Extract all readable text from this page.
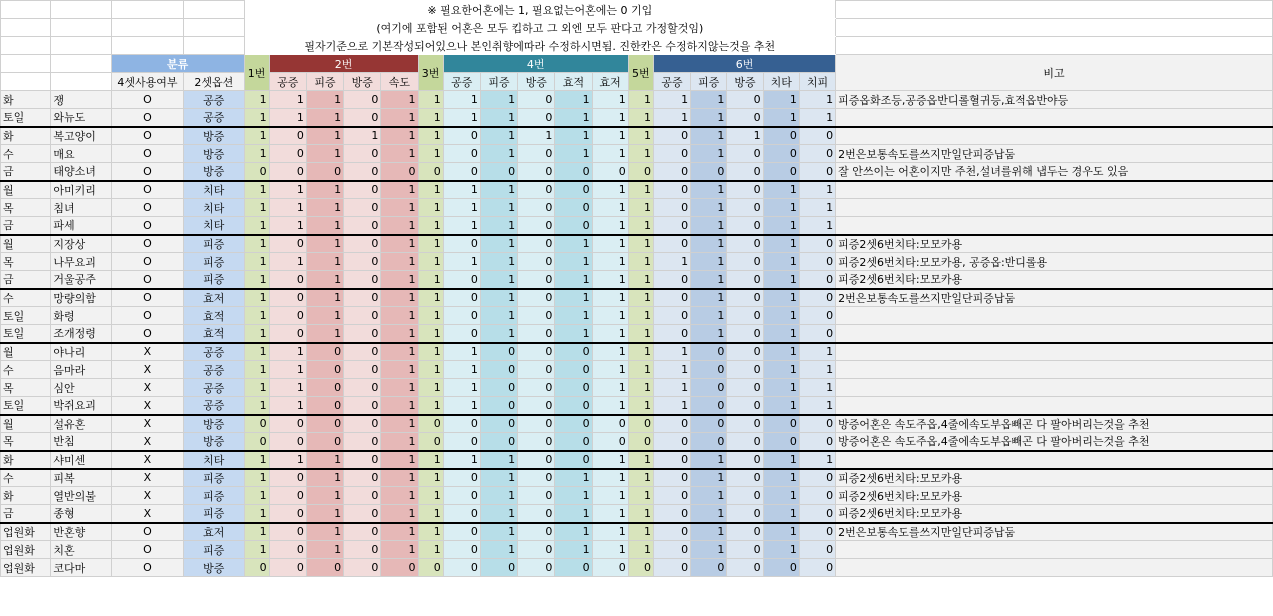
				※ 필요한어혼에는 1, 필요없는어혼에는 0 기입																	
				(여기에 포함된 어혼은 모두 킵하고 그 외엔 모두 판다고 가정할것임)																	
				필자기준으로 기본작성되어있으나 본인취향에따라 수정하시면됨. 진한칸은 수정하지않는것을 추천																	
		분류		1번	2번				3번	4번					5번	6번					비고
		4셋사용여부	2셋옵션		공증	피증	방증	속도		공증	피증	방증	효적	효저		공증	피증	방증	치타	치피	
화	쟁	O	공증	1	1	1	0	1	1	1	1	0	1	1	1	1	1	0	1	1	피증옵화조등,공증옵반디롤혈귀등,효적옵반야등
토일	와뉴도	O	공증	1	1	1	0	1	1	1	1	0	1	1	1	1	1	0	1	1	
화	복고양이	O	방증	1	0	1	1	1	1	0	1	1	1	1	1	0	1	1	0	0	
수	매요	O	방증	1	0	1	0	1	1	0	1	0	1	1	1	0	1	0	0	0	2번은보통속도를쓰지만일단피증납둠
금	태양소녀	O	방증	0	0	0	0	0	0	0	0	0	0	0	0	0	0	0	0	0	잘 안쓰이는 어혼이지만 주천,설녀를위해 냅두는 경우도 있음
월	아미키리	O	치타	1	1	1	0	1	1	1	1	0	0	1	1	0	1	0	1	1	
목	침녀	O	치타	1	1	1	0	1	1	1	1	0	0	1	1	0	1	0	1	1	
금	파세	O	치타	1	1	1	0	1	1	1	1	0	0	1	1	0	1	0	1	1	
월	지장상	O	피증	1	0	1	0	1	1	0	1	0	1	1	1	0	1	0	1	0	피증2셋6번치타:모모카용
목	나무요괴	O	피증	1	1	1	0	1	1	1	1	0	1	1	1	1	1	0	1	0	피증2셋6번치타:모모카용, 공증옵:반디롤용
금	거울공주	O	피증	1	0	1	0	1	1	0	1	0	1	1	1	0	1	0	1	0	피증2셋6번치타:모모카용
수	망량의함	O	효저	1	0	1	0	1	1	0	1	0	1	1	1	0	1	0	1	0	2번은보통속도를쓰지만일단피증납둠
토일	화령	O	효적	1	0	1	0	1	1	0	1	0	1	1	1	0	1	0	1	0	
토일	조개정령	O	효적	1	0	1	0	1	1	0	1	0	1	1	1	0	1	0	1	0	
월	야나리	X	공증	1	1	0	0	1	1	1	0	0	0	1	1	1	0	0	1	1	
수	음마라	X	공증	1	1	0	0	1	1	1	0	0	0	1	1	1	0	0	1	1	
목	심안	X	공증	1	1	0	0	1	1	1	0	0	0	1	1	1	0	0	1	1	
토일	박쥐요괴	X	공증	1	1	0	0	1	1	1	0	0	0	1	1	1	0	0	1	1	
월	설유혼	X	방증	0	0	0	0	1	0	0	0	0	0	0	0	0	0	0	0	0	방증어혼은 속도주옵,4줄에속도부옵빼곤 다 팔아버리는것을 추천
목	반침	X	방증	0	0	0	0	1	0	0	0	0	0	0	0	0	0	0	0	0	방증어혼은 속도주옵,4줄에속도부옵빼곤 다 팔아버리는것을 추천
화	샤미센	X	치타	1	1	1	0	1	1	1	1	0	0	1	1	0	1	0	1	1	
수	피복	X	피증	1	0	1	0	1	1	0	1	0	1	1	1	0	1	0	1	0	피증2셋6번치타:모모카용
화	열반의불	X	피증	1	0	1	0	1	1	0	1	0	1	1	1	0	1	0	1	0	피증2셋6번치타:모모카용
금	종형	X	피증	1	0	1	0	1	1	0	1	0	1	1	1	0	1	0	1	0	피증2셋6번치타:모모카용
업원화	반혼향	O	효저	1	0	1	0	1	1	0	1	0	1	1	1	0	1	0	1	0	2번은보통속도를쓰지만일단피증납둠
업원화	치혼	O	피증	1	0	1	0	1	1	0	1	0	1	1	1	0	1	0	1	0	
업원화	코다마	O	방증	0	0	0	0	0	0	0	0	0	0	0	0	0	0	0	0	0	
